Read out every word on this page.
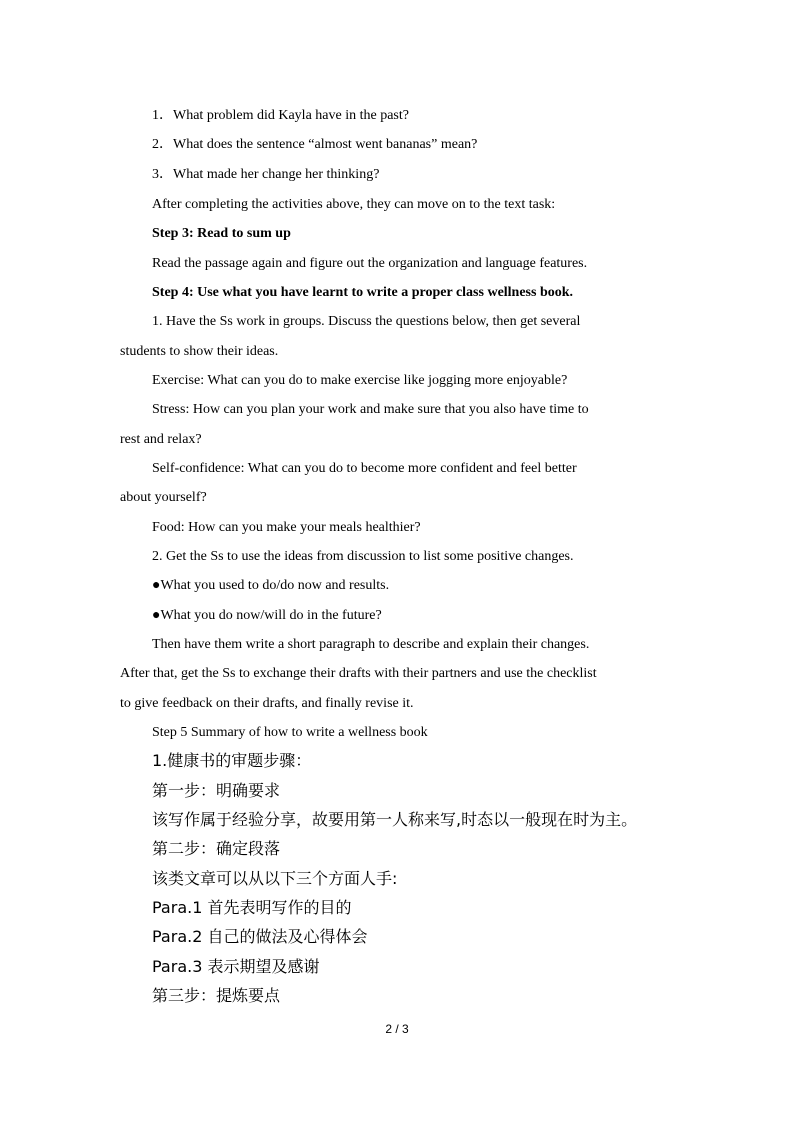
1．What problem did Kayla have in the past?
2．What does the sentence “almost went bananas” mean?
3．What made her change her thinking?
After completing the activities above, they can move on to the text task:
Step 3: Read to sum up
Read the passage again and figure out the organization and language features.
Step 4: Use what you have learnt to write a proper class wellness book.
1. Have the Ss work in groups. Discuss the questions below, then get several
students to show their ideas.
Exercise: What can you do to make exercise like jogging more enjoyable?
Stress: How can you plan your work and make sure that you also have time to
rest and relax?
Self-confidence: What can you do to become more confident and feel better
about yourself?
Food: How can you make your meals healthier?
2. Get the Ss to use the ideas from discussion to list some positive changes.
●What you used to do/do now and results.
●What you do now/will do in the future?
Then have them write a short paragraph to describe and explain their changes.
After that, get the Ss to exchange their drafts with their partners and use the checklist
to give feedback on their drafts, and finally revise it.
Step 5 Summary of how to write a wellness book
1.健康书的审题步骤：
第一步：明确要求
该写作属于经验分享，故要用第一人称来写,时态以一般现在时为主。
第二步：确定段落
该类文章可以从以下三个方面人手:
Para.1 首先表明写作的目的
Para.2 自己的做法及心得体会
Para.3 表示期望及感谢
第三步：提炼要点
2 / 3
